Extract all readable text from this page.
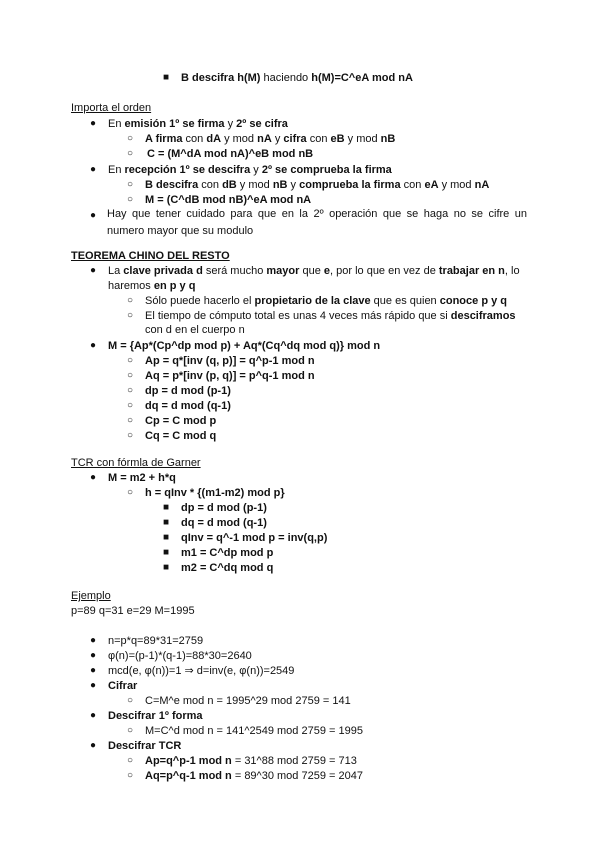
■ B descifra h(M) haciendo h(M)=C^eA mod nA
Importa el orden
● En emisión 1º se firma y 2º se cifra
○ A firma con dA y mod nA y cifra con eB y mod nB
○ C = (M^dA mod nA)^eB mod nB
● En recepción 1º se descifra y 2º se comprueba la firma
○ B descifra con dB y mod nB y comprueba la firma con eA y mod nA
○ M = (C^dB mod nB)^eA mod nA
● Hay que tener cuidado para que en la 2º operación que se haga no se cifre un numero mayor que su modulo
TEOREMA CHINO DEL RESTO
● La clave privada d será mucho mayor que e, por lo que en vez de trabajar en n, lo
haremos en p y q
○ Sólo puede hacerlo el propietario de la clave que es quien conoce p y q
○ El tiempo de cómputo total es unas 4 veces más rápido que si desciframos
con d en el cuerpo n
● M = {Ap*(Cp^dp mod p) + Aq*(Cq^dq mod q)} mod n
○ Ap = q*[inv (q, p)] = q^p-1 mod n
○ Aq = p*[inv (p, q)] = p^q-1 mod n
○ dp = d mod (p-1)
○ dq = d mod (q-1)
○ Cp = C mod p
○ Cq = C mod q
TCR con fórmla de Garner
● M = m2 + h*q
○ h = qInv * {(m1-m2) mod p}
■ dp = d mod (p-1)
■ dq = d mod (q-1)
■ qInv = q^-1 mod p = inv(q,p)
■ m1 = C^dp mod p
■ m2 = C^dq mod q
Ejemplo
p=89 q=31 e=29 M=1995
● n=p*q=89*31=2759
● φ(n)=(p-1)*(q-1)=88*30=2640
● mcd(e, φ(n))=1 ⇒ d=inv(e, φ(n))=2549
● Cifrar
○ C=M^e mod n = 1995^29 mod 2759 = 141
● Descifrar 1º forma
○ M=C^d mod n = 141^2549 mod 2759 = 1995
● Descifrar TCR
○ Ap=q^p-1 mod n = 31^88 mod 2759 = 713
○ Aq=p^q-1 mod n = 89^30 mod 7259 = 2047
